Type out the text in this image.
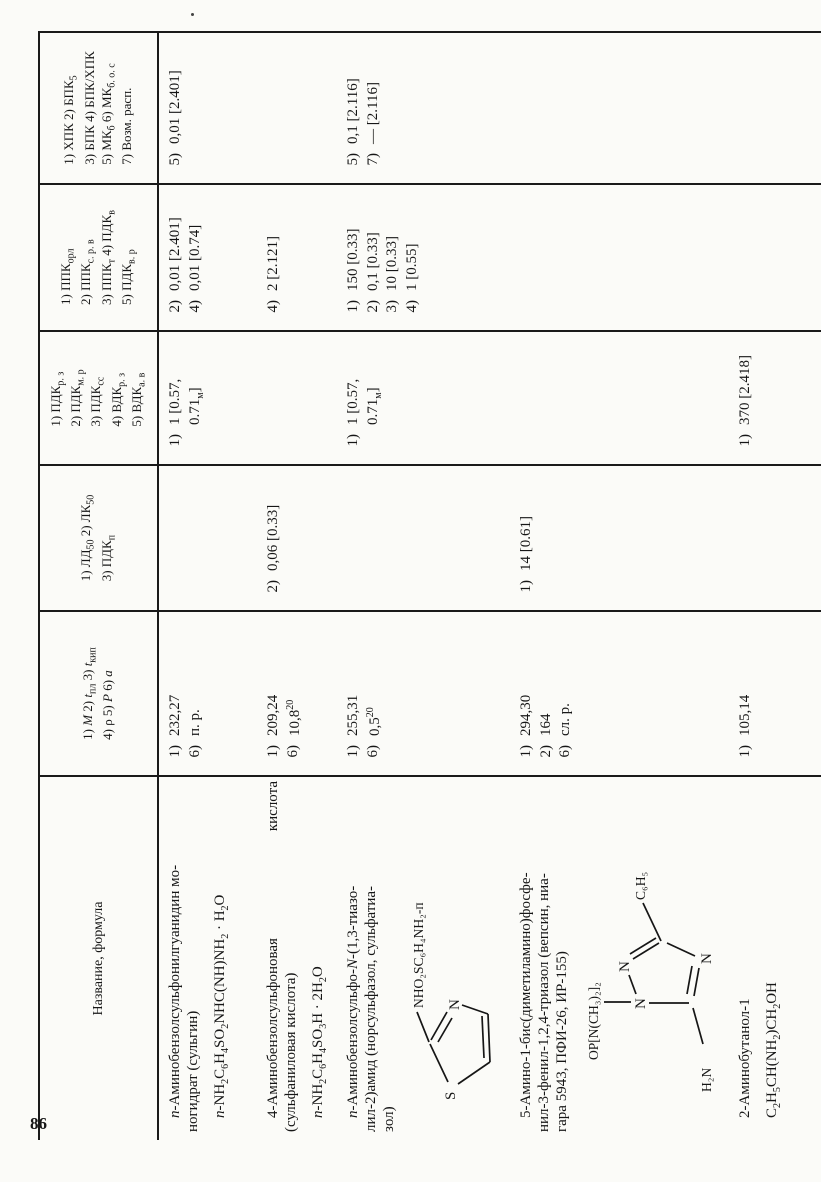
Название, формула
1) М 2) $t_{пл}$ 3) $t_{кип}$
4) ρ 5) Р 6) а
1) $ЛД_{50}$ 2) $ЛК_{50}$
3) $ПДК_п$
1) $ПДК_{р. з}$
2) $ПДК_{м. р}$
3) $ПДК_{сс}$
4) $ВДК_{р. з}$
5) $ВДК_{а. в}$
1) $ППК_{орл}$
2) $ППК_{с. р. в}$
3) $ППК_т$ 4) $ПДК_в$
5) $ПДК_{в. р}$
1) ХПК 2) $БПК_5$ 3) БПК 4) БПК/ХПК 5) $МК_б$ 6) $МК_{б. о. с}$
7) Возм. расп.
п-Аминобензолсульфонилгуанидин мо- ногидрат (сульгин) $п-NH_2C_6H_4SO_2NHC(NH)NH_2 \cdot H_2O$
1)
232,27
6)
п. р.
1)
1 [0.57, $0.71_м$]
2)
0,01 [2.401]
4)
0,01 [0.74]
5)
0,01 [2.401]
4-Аминобензолсульфоновая
кислота
(сульфаниловая кислота) $п-NH_2C_6H_4SO_3H \cdot 2H_2O$
1)
209,24
6)
10,8$^{20}$
2)
0,06 [0.33]
4)
2 [2.121]
п-Аминобензолсульфо-N-(1,3-тиазо- лил-2)амид (норсульфазол, сульфатиа- зол)
S
N
NHO₂SC₆H₄NH₂-п
1)
255,31
6)
$0,5^{20}$
1)
1 [0.57, $0.71_м$]
1)
150 [0.33]
2)
0,1 [0.33]
3)
10 [0.33]
4)
1 [0.55]
5)
0,1 [2.116]
7)
— [2.116]
5-Амино-1-бис(диметиламино)фосфе- нил-3-фенил-1,2,4-триазол (вепсин, ниа- гара 5943, ПФИ-26, ИР-155) OP[N(CH₃)₂]₂ N
N
N
H₂N
C₆H₅
1)
294,30
2)
164
6)
сл. р.
1)
14 [0.61]
2-Аминобутанол-1 $C_2H_5CH(NH_2)CH_2OH$
1)
105,14
1)
370 [2.418]
86
